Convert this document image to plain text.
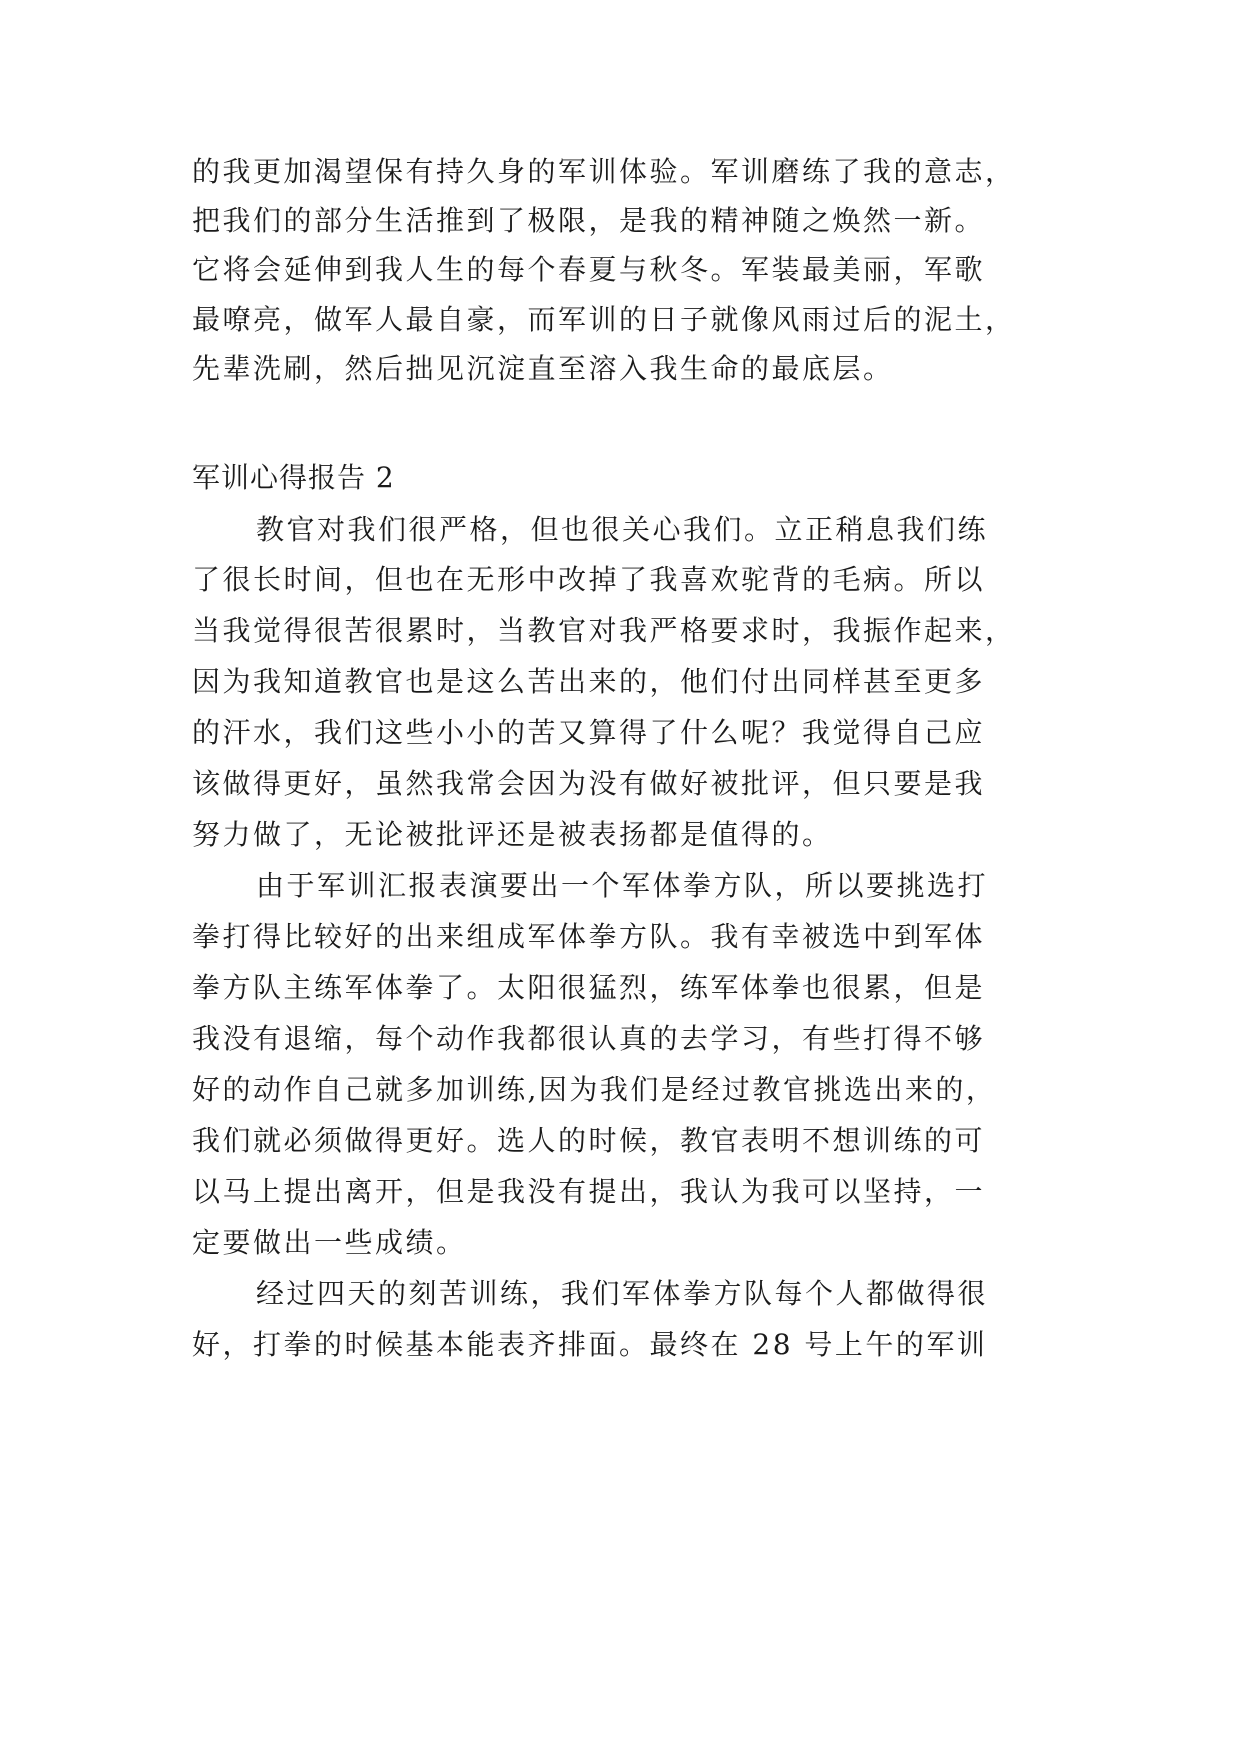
的我更加渴望保有持久身的军训体验。军训磨练了我的意志，
把我们的部分生活推到了极限，是我的精神随之焕然一新。
它将会延伸到我人生的每个春夏与秋冬。军装最美丽，军歌
最嘹亮，做军人最自豪，而军训的日子就像风雨过后的泥土，
先辈洗刷，然后拙见沉淀直至溶入我生命的最底层。
军训心得报告 2
教官对我们很严格，但也很关心我们。立正稍息我们练
了很长时间，但也在无形中改掉了我喜欢驼背的毛病。所以
当我觉得很苦很累时，当教官对我严格要求时，我振作起来，
因为我知道教官也是这么苦出来的，他们付出同样甚至更多
的汗水，我们这些小小的苦又算得了什么呢？我觉得自己应
该做得更好，虽然我常会因为没有做好被批评，但只要是我
努力做了，无论被批评还是被表扬都是值得的。
由于军训汇报表演要出一个军体拳方队，所以要挑选打
拳打得比较好的出来组成军体拳方队。我有幸被选中到军体
拳方队主练军体拳了。太阳很猛烈，练军体拳也很累，但是
我没有退缩，每个动作我都很认真的去学习，有些打得不够
好的动作自己就多加训练,因为我们是经过教官挑选出来的，
我们就必须做得更好。选人的时候，教官表明不想训练的可
以马上提出离开，但是我没有提出，我认为我可以坚持，一
定要做出一些成绩。
经过四天的刻苦训练，我们军体拳方队每个人都做得很
好，打拳的时候基本能表齐排面。最终在 28 号上午的军训
